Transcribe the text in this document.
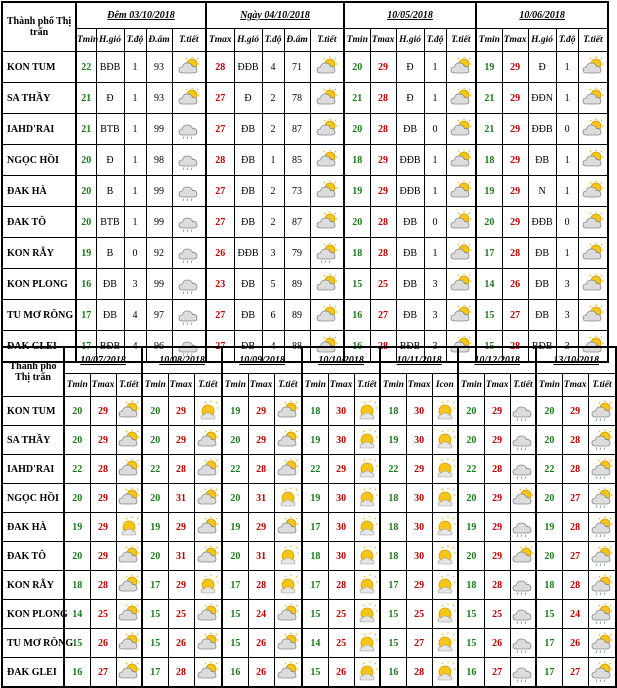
Thành phố Thị trấn	Đêm 03/10/2018					Ngày 04/10/2018					10/05/2018					10/06/2018				
	Tmin	H.gió	T.độ	Đ.ẩm	T.tiết	Tmax	H.gió	T.độ	Đ.ẩm	T.tiết	Tmin	Tmax	H.gió	T.độ	T.tiết	Tmin	Tmax	H.gió	T.độ	T.tiết
KON TUM	22	BĐB	1	93		28	ĐĐB	4	71		20	29	Đ	1		19	29	Đ	1	

SA THẦY	21	Đ	1	93		27	Đ	2	78		21	28	Đ	1		21	29	ĐĐN	1	

IAHD'RAI	21	BTB	1	99		27	ĐB	2	87		20	28	ĐB	0		21	29	ĐĐB	0	

NGỌC HỒI	20	Đ	1	98		28	ĐB	1	85		18	29	ĐĐB	1		18	29	ĐB	1	

ĐAK HÀ	20	B	1	99		27	ĐB	2	73		19	29	ĐĐB	1		19	29	N	1	

ĐAK TÔ	20	BTB	1	99		27	ĐB	2	87		20	28	ĐB	0		20	29	ĐĐB	0	

KON RẪY	19	B	0	92		26	ĐĐB	3	79		18	28	ĐB	1		17	28	ĐB	1	

KON PLONG	16	ĐB	3	99		23	ĐB	5	89		15	25	ĐB	3		14	26	ĐB	3	

TU MƠ RÔNG	17	ĐB	4	97		27	ĐB	6	89		16	27	ĐB	3		15	27	ĐB	3	

ĐAK GLEI	17	BĐB	4	96		27	ĐB	4	88		16	28	BĐB	3		15	28	BĐB	3	
Thành phố Thị trấn	10/07/2018			10/08/2018			10/09/2018			10/10/2018			10/11/2018			10/12/2018			13/10/2018		
	Tmin	Tmax	T.tiết	Tmin	Tmax	T.tiết	Tmin	Tmax	T.tiết	Tmin	Tmax	T.tiết	Tmin	Tmax	Icon	Tmin	Tmax	T.tiết	Tmin	Tmax	T.tiết
KON TUM	20	29		20	29		19	29		18	30		18	30		20	29		20	29	

SA THẦY	20	29		20	29		20	29		19	30		19	30		20	29		20	28	

IAHD'RAI	22	28		22	28		22	28		22	29		22	29		22	28		22	28	

NGỌC HỒI	20	29		20	31		20	31		19	30		18	30		20	29		20	27	

ĐAK HÀ	19	29		19	29		19	29		17	30		18	30		19	29		19	28	

ĐAK TÔ	20	29		20	31		20	31		18	30		18	30		20	29		20	27	

KON RẪY	18	28		17	29		17	28		17	28		17	29		18	28		18	28	

KON PLONG	14	25		15	25		15	24		15	25		15	25		15	25		15	24	

TU MƠ RÔNG	15	26		15	26		15	26		14	25		15	27		15	26		17	26	

ĐAK GLEI	16	27		17	28		16	26		15	26		16	28		16	27		17	27	
